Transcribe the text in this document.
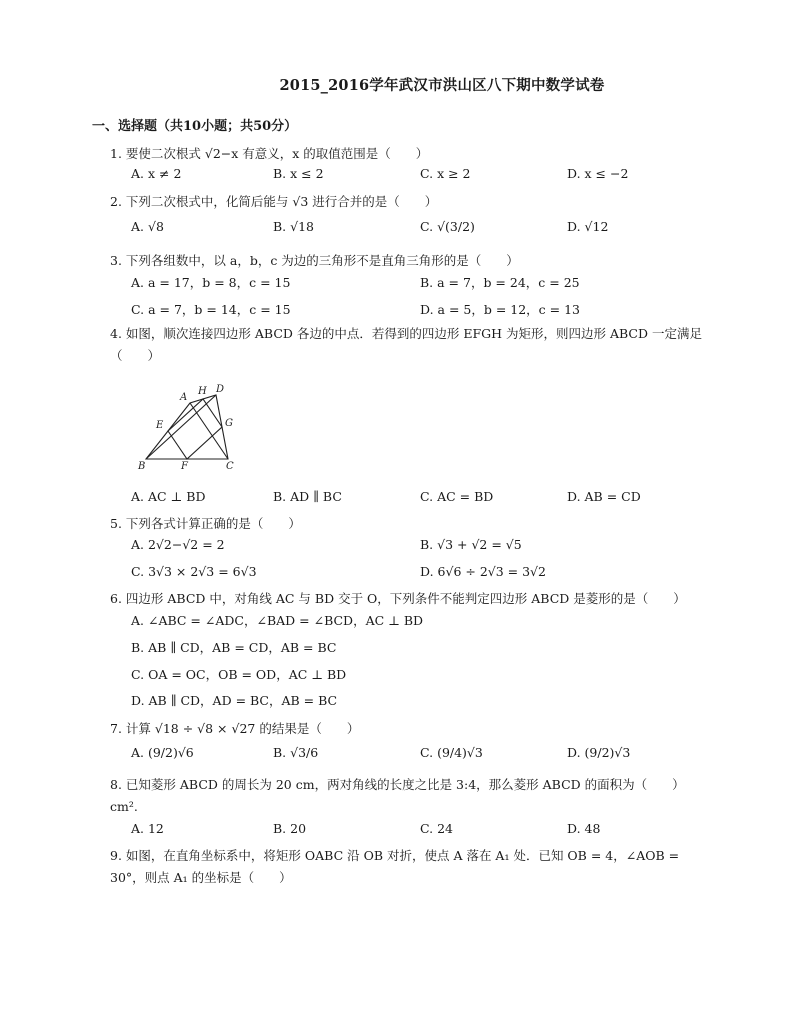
2015_2016学年武汉市洪山区八下期中数学试卷
一、选择题（共10小题；共50分）
1. 要使二次根式 √2−x 有意义，x 的取值范围是（　　）
A. x ≠ 2	B. x ≤ 2	C. x ≥ 2	D. x ≤ −2
2. 下列二次根式中，化简后能与 √3 进行合并的是（　　）
A. √8	B. √18	C. √(3/2)	D. √12
3. 下列各组数中，以 a，b，c 为边的三角形不是直角三角形的是（　　）
A. a = 17，b = 8，c = 15	B. a = 7，b = 24，c = 25
C. a = 7，b = 14，c = 15	D. a = 5，b = 12，c = 13
4. 如图，顺次连接四边形 ABCD 各边的中点．若得到的四边形 EFGH 为矩形，则四边形 ABCD 一定满足（　　）
A
H D
E	G
B	F	C
A. AC ⊥ BD	B. AD ∥ BC	C. AC = BD	D. AB = CD
5. 下列各式计算正确的是（　　）
A. 2√2−√2 = 2	B. √3 + √2 = √5
C. 3√3 × 2√3 = 6√3	D. 6√6 ÷ 2√3 = 3√2
6. 四边形 ABCD 中，对角线 AC 与 BD 交于 O，下列条件不能判定四边形 ABCD 是菱形的是（　　）
A. ∠ABC = ∠ADC，∠BAD = ∠BCD，AC ⊥ BD
B. AB ∥ CD，AB = CD，AB = BC
C. OA = OC，OB = OD，AC ⊥ BD
D. AB ∥ CD，AD = BC，AB = BC
7. 计算 √18 ÷ √8 × √27 的结果是（　　）
A. (9/2)√6	B. √3/6	C. (9/4)√3	D. (9/2)√3
8. 已知菱形 ABCD 的周长为 20 cm，两对角线的长度之比是 3:4，那么菱形 ABCD 的面积为（　　）cm².
A. 12	B. 20	C. 24	D. 48
9. 如图，在直角坐标系中，将矩形 OABC 沿 OB 对折，使点 A 落在 A₁ 处．已知 OB = 4，∠AOB = 30°，则点 A₁ 的坐标是（　　）
